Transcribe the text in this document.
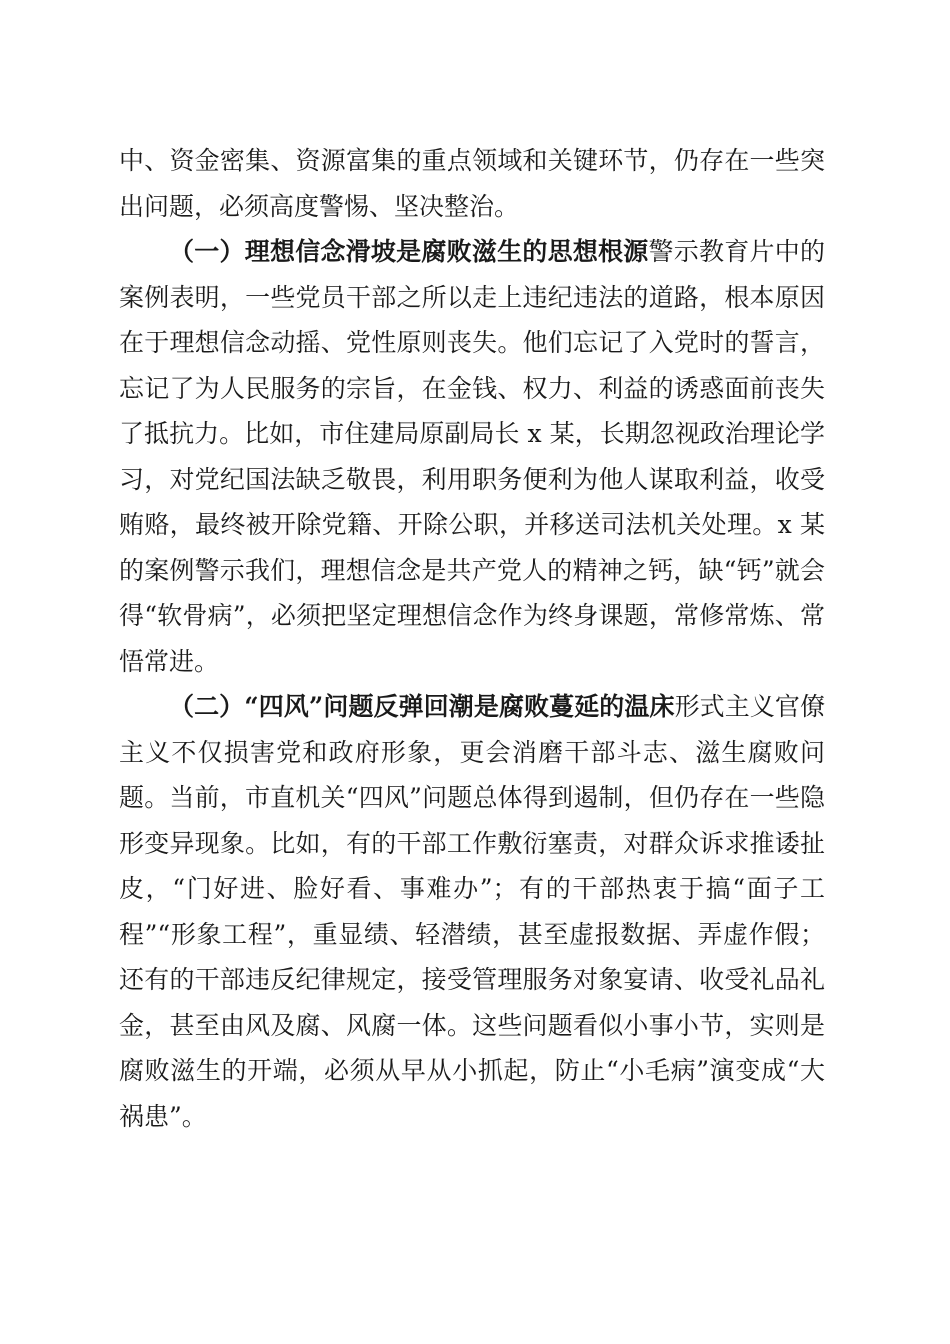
中、资金密集、资源富集的重点领域和关键环节，仍存在一些突出问题，必须高度警惕、坚决整治。

（一）理想信念滑坡是腐败滋生的思想根源警示教育片中的案例表明，一些党员干部之所以走上违纪违法的道路，根本原因在于理想信念动摇、党性原则丧失。他们忘记了入党时的誓言，忘记了为人民服务的宗旨，在金钱、权力、利益的诱惑面前丧失了抵抗力。比如，市住建局原副局长 x 某，长期忽视政治理论学习，对党纪国法缺乏敬畏，利用职务便利为他人谋取利益，收受贿赂，最终被开除党籍、开除公职，并移送司法机关处理。x 某的案例警示我们，理想信念是共产党人的精神之钙，缺“钙”就会得“软骨病”，必须把坚定理想信念作为终身课题，常修常炼、常悟常进。

（二）“四风”问题反弹回潮是腐败蔓延的温床形式主义官僚主义不仅损害党和政府形象，更会消磨干部斗志、滋生腐败问题。当前，市直机关“四风”问题总体得到遏制，但仍存在一些隐形变异现象。比如，有的干部工作敷衍塞责，对群众诉求推诿扯皮，“门好进、脸好看、事难办”；有的干部热衷于搞“面子工程”“形象工程”，重显绩、轻潜绩，甚至虚报数据、弄虚作假；还有的干部违反纪律规定，接受管理服务对象宴请、收受礼品礼金，甚至由风及腐、风腐一体。这些问题看似小事小节，实则是腐败滋生的开端，必须从早从小抓起，防止“小毛病”演变成“大祸患”。
